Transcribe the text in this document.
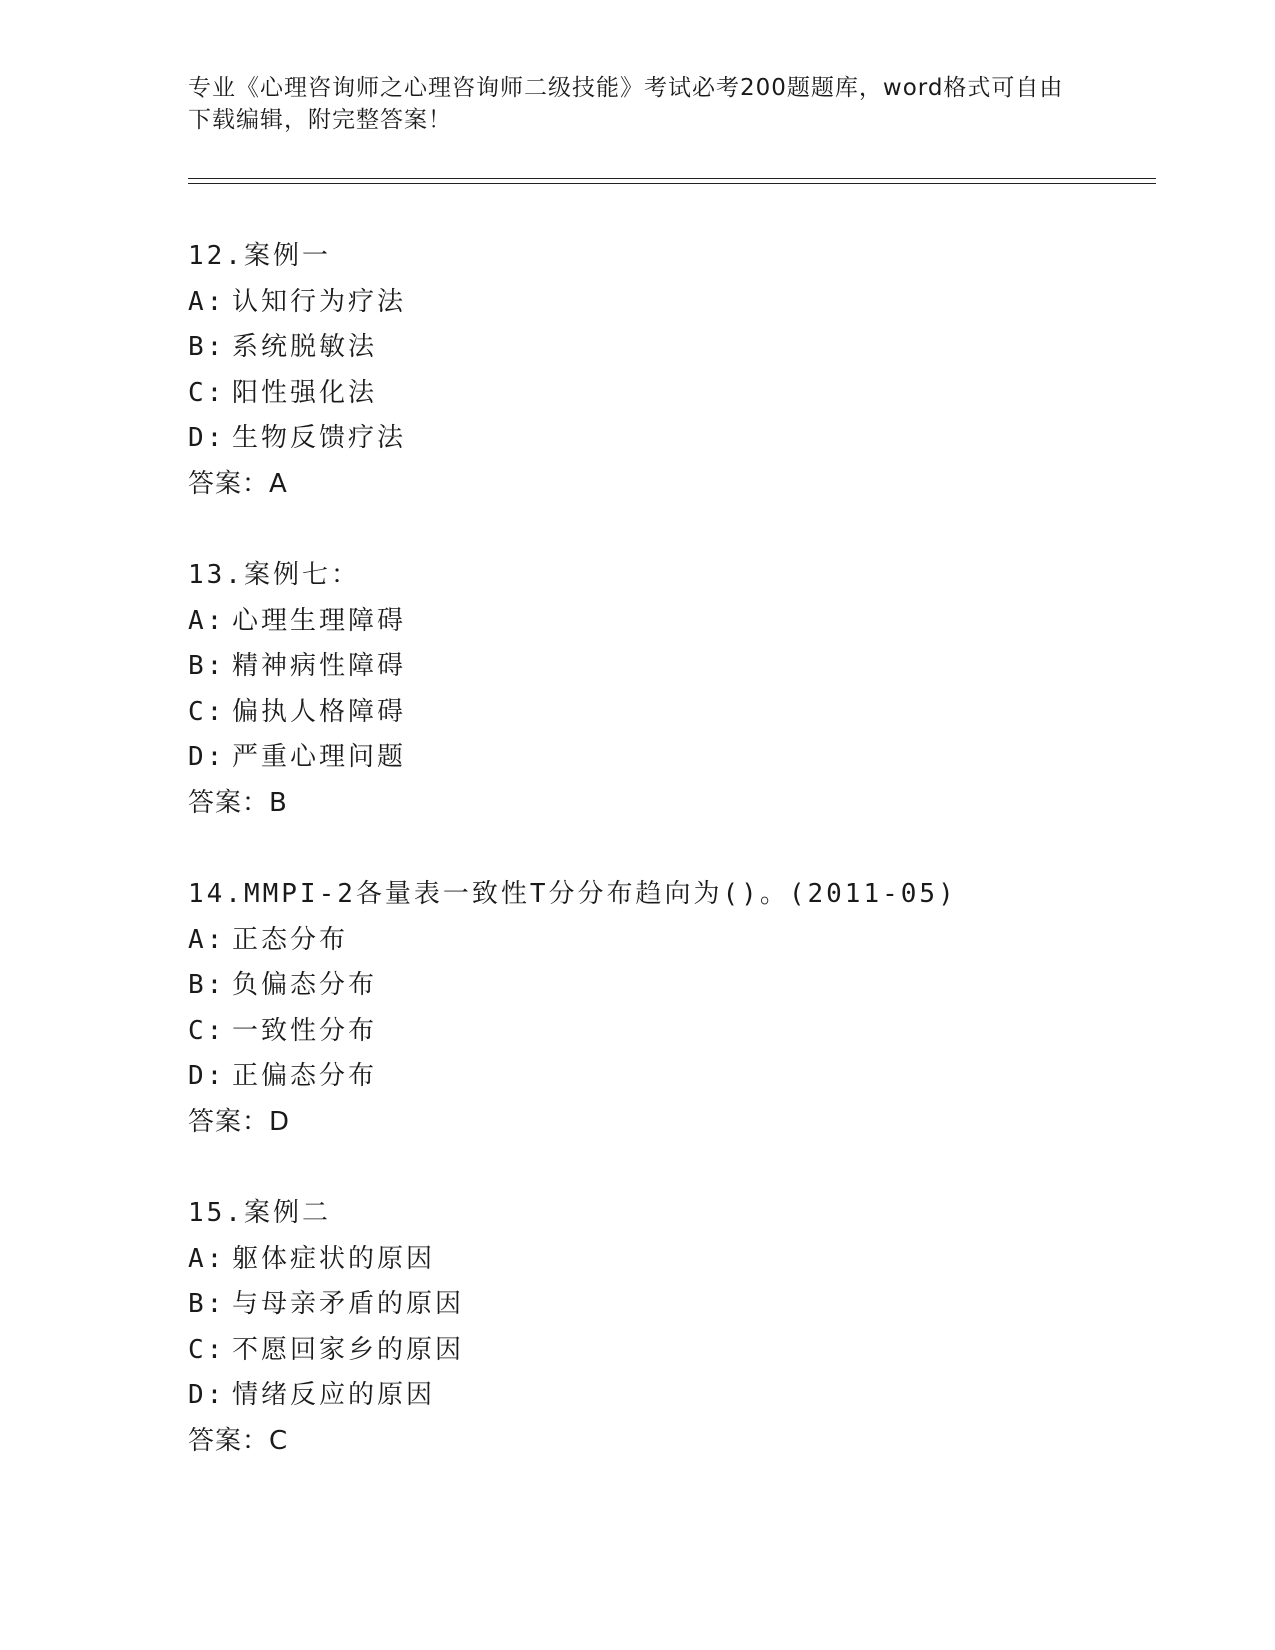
专业《心理咨询师之心理咨询师二级技能》考试必考200题题库，word格式可自由下载编辑，附完整答案！
12.案例一
A: 认知行为疗法
B: 系统脱敏法
C: 阳性强化法
D: 生物反馈疗法
答案：A
13.案例七：
A: 心理生理障碍
B: 精神病性障碍
C: 偏执人格障碍
D: 严重心理问题
答案：B
14.MMPI-2各量表一致性T分分布趋向为()。(2011-05)
A: 正态分布
B: 负偏态分布
C: 一致性分布
D: 正偏态分布
答案：D
15.案例二
A: 躯体症状的原因
B: 与母亲矛盾的原因
C: 不愿回家乡的原因
D: 情绪反应的原因
答案：C
